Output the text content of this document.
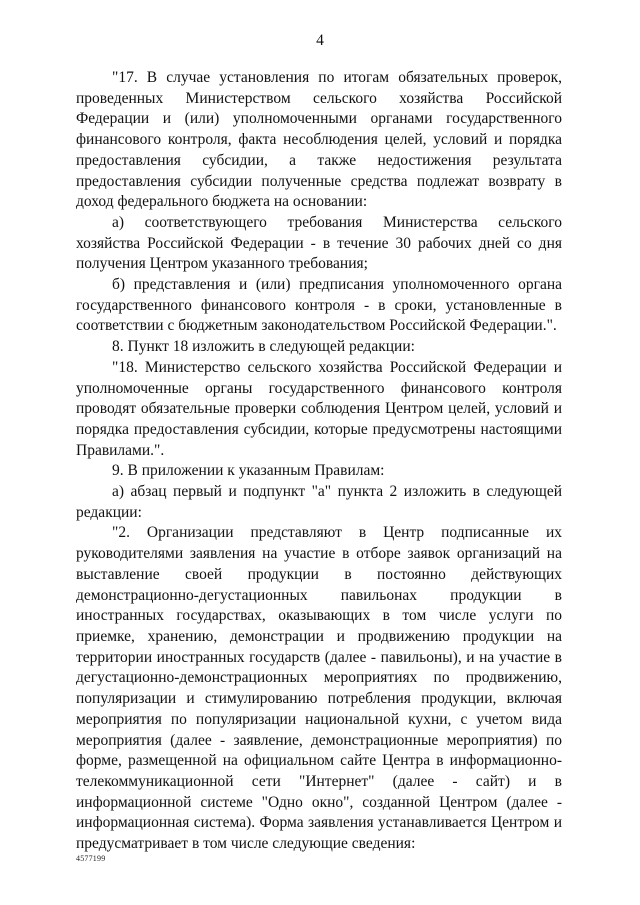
4

"17. В случае установления по итогам обязательных проверок, проведенных Министерством сельского хозяйства Российской Федерации и (или) уполномоченными органами государственного финансового контроля, факта несоблюдения целей, условий и порядка предоставления субсидии, а также недостижения результата предоставления субсидии полученные средства подлежат возврату в доход федерального бюджета на основании:

а) соответствующего требования Министерства сельского хозяйства Российской Федерации - в течение 30 рабочих дней со дня получения Центром указанного требования;

б) представления и (или) предписания уполномоченного органа государственного финансового контроля - в сроки, установленные в соответствии с бюджетным законодательством Российской Федерации.".

8. Пункт 18 изложить в следующей редакции:

"18. Министерство сельского хозяйства Российской Федерации и уполномоченные органы государственного финансового контроля проводят обязательные проверки соблюдения Центром целей, условий и порядка предоставления субсидии, которые предусмотрены настоящими Правилами.".

9. В приложении к указанным Правилам:

а) абзац первый и подпункт "а" пункта 2 изложить в следующей редакции:

"2. Организации представляют в Центр подписанные их руководителями заявления на участие в отборе заявок организаций на выставление своей продукции в постоянно действующих демонстрационно-дегустационных павильонах продукции в иностранных государствах, оказывающих в том числе услуги по приемке, хранению, демонстрации и продвижению продукции на территории иностранных государств (далее - павильоны), и на участие в дегустационно-демонстрационных мероприятиях по продвижению, популяризации и стимулированию потребления продукции, включая мероприятия по популяризации национальной кухни, с учетом вида мероприятия (далее - заявление, демонстрационные мероприятия) по форме, размещенной на официальном сайте Центра в информационно-телекоммуникационной сети "Интернет" (далее - сайт) и в информационной системе "Одно окно", созданной Центром (далее - информационная система). Форма заявления устанавливается Центром и предусматривает в том числе следующие сведения:

4577199
